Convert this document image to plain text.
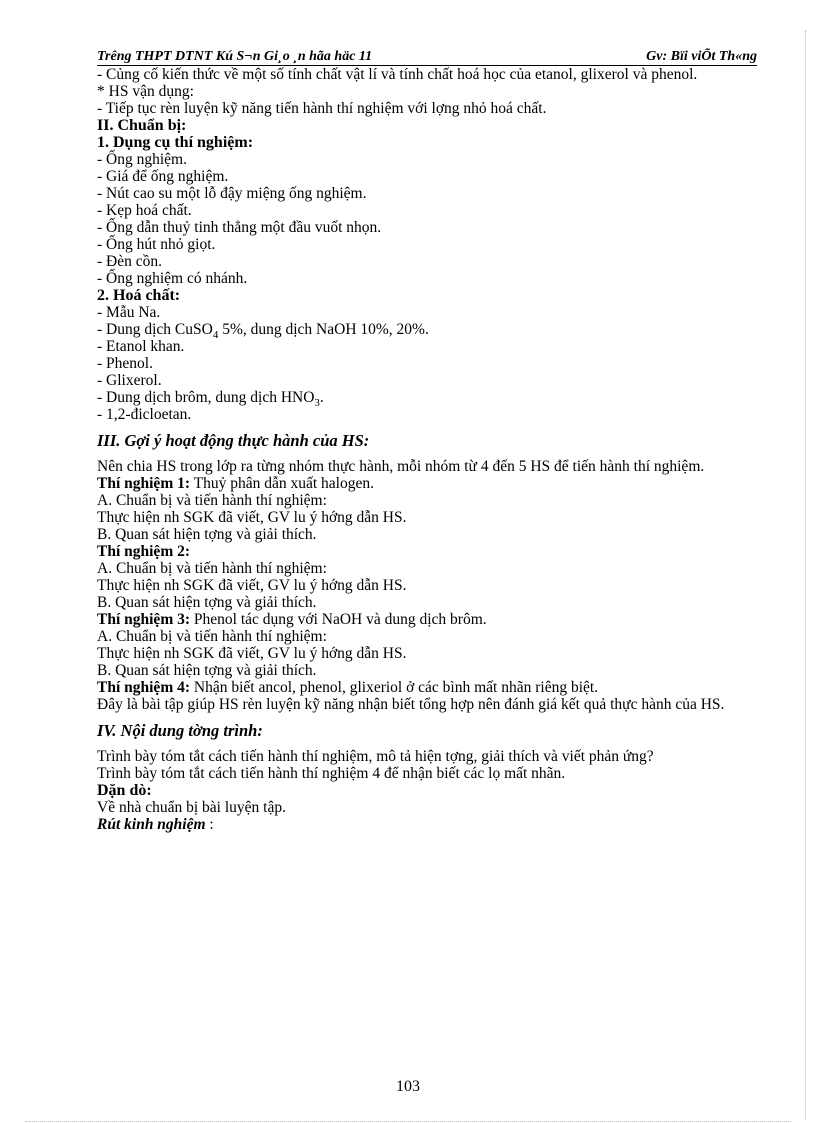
Trêng THPT DTNT Kú S¬n Gi¸o ¸n hãa häc 11	Gv: Bïi viÕt Th«ng
- Củng cố kiến thức về một số tính chất vật lí và tính chất hoá học của etanol, glixerol và phenol.
* HS vận dụng:
- Tiếp tục rèn luyện kỹ năng tiến hành thí nghiệm với lợng nhỏ hoá chất.
II. Chuẩn bị:
1. Dụng cụ thí nghiệm:
- Ống nghiệm.
- Giá để ống nghiệm.
- Nút cao su một lỗ đậy miệng ống nghiệm.
- Kẹp hoá chất.
- Ống dẫn thuỷ tinh thẳng một đầu vuốt nhọn.
- Ống hút nhỏ giọt.
- Đèn cồn.
- Ống nghiệm có nhánh.
2. Hoá chất:
- Mẫu Na.
- Dung dịch CuSO$_4$ 5%, dung dịch NaOH 10%, 20%.
- Etanol khan.
- Phenol.
- Glixerol.
- Dung dịch brôm, dung dịch $HNO_3$.
- 1,2-đicloetan.
III. Gợi ý hoạt động thực hành của HS:
Nên chia HS trong lớp ra từng nhóm thực hành, mỗi nhóm từ 4 đến 5 HS để tiến hành thí nghiệm.
Thí nghiệm 1: Thuỷ phân dẫn xuất halogen.
A. Chuẩn bị và tiến hành thí nghiệm:
Thực hiện nh SGK đã viết, GV lu ý hớng dẫn HS.
B. Quan sát hiện tợng và giải thích.
Thí nghiệm 2:
A. Chuẩn bị và tiến hành thí nghiệm:
Thực hiện nh SGK đã viết, GV lu ý hớng dẫn HS.
B. Quan sát hiện tợng và giải thích.
Thí nghiệm 3: Phenol tác dụng với NaOH và dung dịch brôm.
A. Chuẩn bị và tiến hành thí nghiệm:
Thực hiện nh SGK đã viết, GV lu ý hớng dẫn HS.
B. Quan sát hiện tợng và giải thích.
Thí nghiệm 4: Nhận biết ancol, phenol, glixeriol ở các bình mất nhãn riêng biệt.
Đây là bài tập giúp HS rèn luyện kỹ năng nhận biết tổng hợp nên đánh giá kết quả thực hành của HS.
IV. Nội dung tờng trình:
Trình bày tóm tắt cách tiến hành thí nghiệm, mô tả hiện tợng, giải thích và viết phản ứng?
Trình bày tóm tắt cách tiến hành thí nghiệm 4 để nhận biết các lọ mất nhãn.
Dặn dò:
Về nhà chuẩn bị bài luyện tập.
Rút kinh nghiệm :
103
